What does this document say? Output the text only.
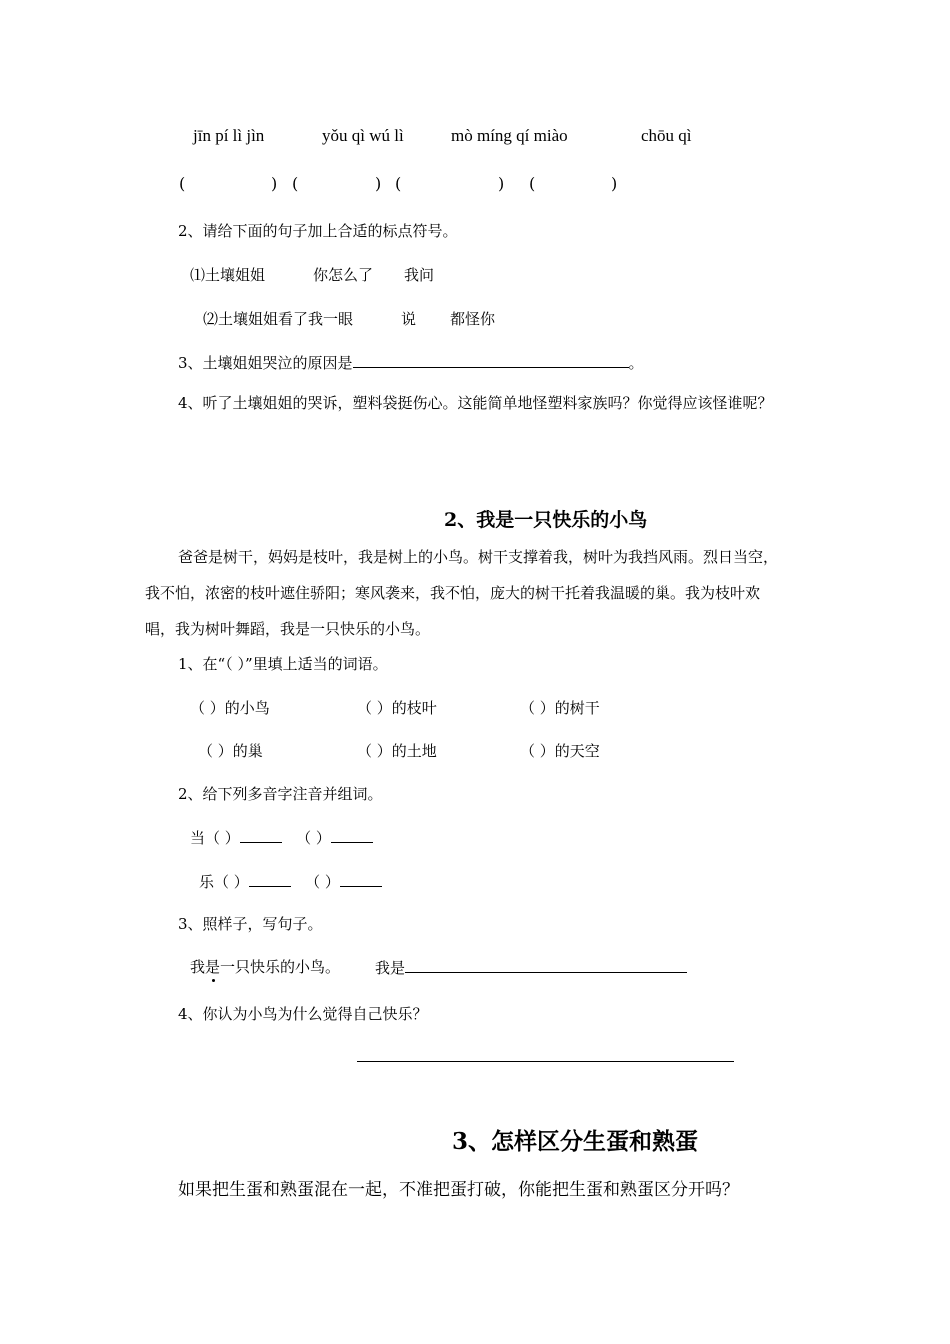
jīn pí lì jìn	yǒu qì wú lì	mò míng qí miào	chōu qì
(	) (	) (	) (	)
2、请给下面的句子加上合适的标点符号。
⑴土壤姐姐	你怎么了 我问
⑵土壤姐姐看了我一眼	说 都怪你
3、土壤姐姐哭泣的原因是	。
4、听了土壤姐姐的哭诉，塑料袋挺伤心。这能简单地怪塑料家族吗？你觉得应该怪谁呢？
2、我是一只快乐的小鸟
爸爸是树干，妈妈是枝叶，我是树上的小鸟。树干支撑着我，树叶为我挡风雨。烈日当空，
我不怕，浓密的枝叶遮住骄阳；寒风袭来，我不怕，庞大的树干托着我温暖的巢。我为枝叶欢
唱，我为树叶舞蹈，我是一只快乐的小鸟。
1、在“（ ）”里填上适当的词语。
（ ）的小鸟	（ ）的枝叶	（ ）的树干
（ ）的巢	（ ）的土地	（ ）的天空
2、给下列多音字注音并组词。
当（ ）	（ ）
乐（ ）	（ ）
3、照样子，写句子。
我是一只快乐的小鸟。 我是
4、你认为小鸟为什么觉得自己快乐？
3、怎样区分生蛋和熟蛋
如果把生蛋和熟蛋混在一起，不准把蛋打破，你能把生蛋和熟蛋区分开吗？
